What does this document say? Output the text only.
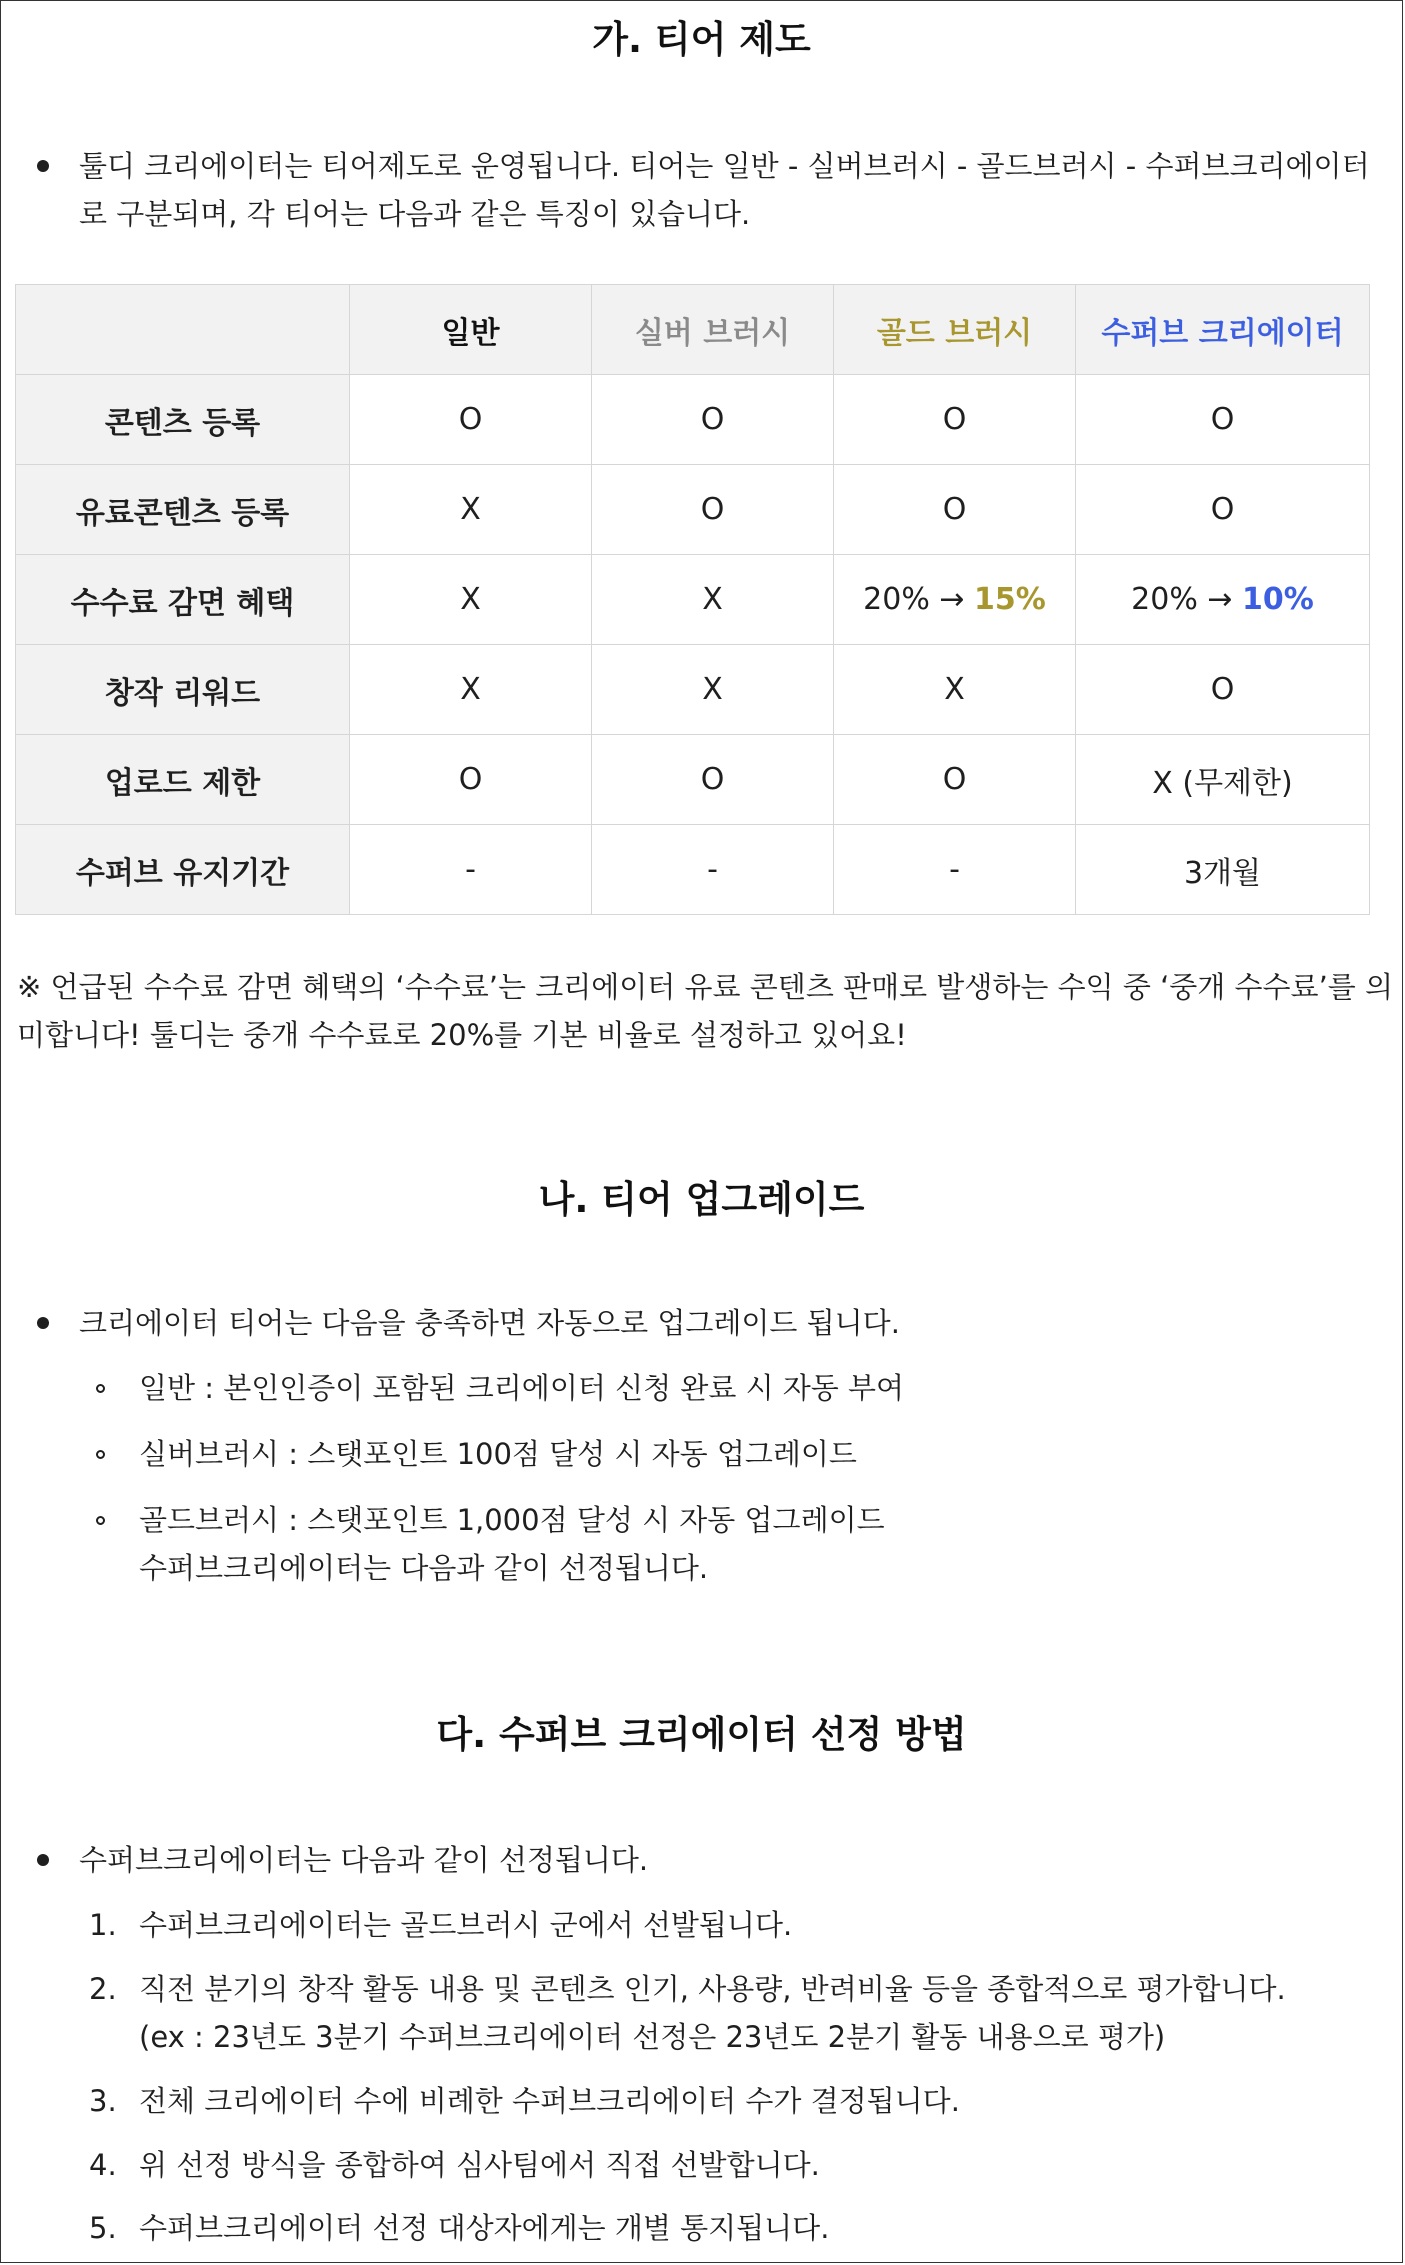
가. 티어 제도
툴디 크리에이터는 티어제도로 운영됩니다. 티어는 일반 - 실버브러시 - 골드브러시 - 수퍼브크리에이터
로 구분되며, 각 티어는 다음과 같은 특징이 있습니다.
	일반	실버 브러시	골드 브러시	수퍼브 크리에이터
콘텐츠 등록	O	O	O	O
유료콘텐츠 등록	X	O	O	O
수수료 감면 혜택	X	X	20% → 15%	20% → 10%
창작 리워드	X	X	X	O
업로드 제한	O	O	O	X (무제한)
수퍼브 유지기간	-	-	-	3개월
※ 언급된 수수료 감면 혜택의 ‘수수료’는 크리에이터 유료 콘텐츠 판매로 발생하는 수익 중 ‘중개 수수료’를 의
미합니다! 툴디는 중개 수수료로 20%를 기본 비율로 설정하고 있어요!
나. 티어 업그레이드
크리에이터 티어는 다음을 충족하면 자동으로 업그레이드 됩니다.
일반 : 본인인증이 포함된 크리에이터 신청 완료 시 자동 부여
실버브러시 : 스탯포인트 100점 달성 시 자동 업그레이드
골드브러시 : 스탯포인트 1,000점 달성 시 자동 업그레이드
수퍼브크리에이터는 다음과 같이 선정됩니다.
다. 수퍼브 크리에이터 선정 방법
수퍼브크리에이터는 다음과 같이 선정됩니다.
1. 수퍼브크리에이터는 골드브러시 군에서 선발됩니다.
2. 직전 분기의 창작 활동 내용 및 콘텐츠 인기, 사용량, 반려비율 등을 종합적으로 평가합니다.
(ex : 23년도 3분기 수퍼브크리에이터 선정은 23년도 2분기 활동 내용으로 평가)
3. 전체 크리에이터 수에 비례한 수퍼브크리에이터 수가 결정됩니다.
4. 위 선정 방식을 종합하여 심사팀에서 직접 선발합니다.
5. 수퍼브크리에이터 선정 대상자에게는 개별 통지됩니다.
